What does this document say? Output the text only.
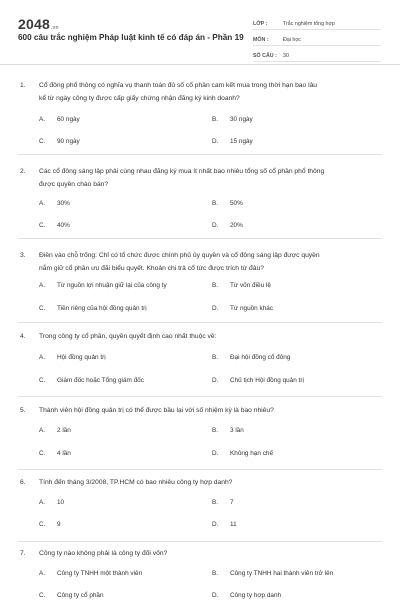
2048.vn
600 câu trắc nghiệm Pháp luật kinh tế có đáp án - Phần 19
LỚP :	Trắc nghiệm tổng hợp
MÔN :	Đại học
SỐ CÂU :	30
1.	Cổ đông phổ thông có nghĩa vụ thanh toán đủ số cổ phần cam kết mua trong thời hạn bao lâu
kể từ ngày công ty được cấp giấy chứng nhận đăng ký kinh doanh?
A. 60 ngày	B. 30 ngày
C. 90 ngày	D. 15 ngày
2.	Các cổ đông sáng lập phải cùng nhau đăng ký mua ít nhất bao nhiêu tổng số cổ phần phổ thông
được quyền chào bán?
A. 30%	B. 50%
C. 40%	D. 20%
3.	Điền vào chỗ trống: Chỉ có tổ chức được chính phủ ủy quyền và cổ đông sáng lập được quyền
nắm giữ cổ phần ưu đãi biểu quyết. Khoản chi trả cổ tức được trích từ đâu?
A. Từ nguồn lợi nhuận giữ lại của công ty	B. Từ vốn điều lệ
C. Tiền riêng của hội đồng quản trị	D. Từ nguồn khác
4.	Trong công ty cổ phần, quyền quyết định cao nhất thuộc về:
A. Hội đồng quản trị	B. Đại hội đồng cổ đông
C. Giám đốc hoặc Tổng giám đốc	D. Chủ tịch Hội đồng quản trị
5.	Thành viên hội đồng quản trị có thể được bầu lại với số nhiệm kỳ là bao nhiêu?
A. 2 lần	B. 3 lần
C. 4 lần	D. Không hạn chế
6.	Tính đến tháng 3/2008, TP.HCM có bao nhiêu công ty hợp danh?
A. 10	B. 7
C. 9	D. 11
7.	Công ty nào không phải là công ty đối vốn?
A. Công ty TNHH một thành viên	B. Công ty TNHH hai thành viên trở lên
C. Công ty cổ phần	D. Công ty hợp danh
